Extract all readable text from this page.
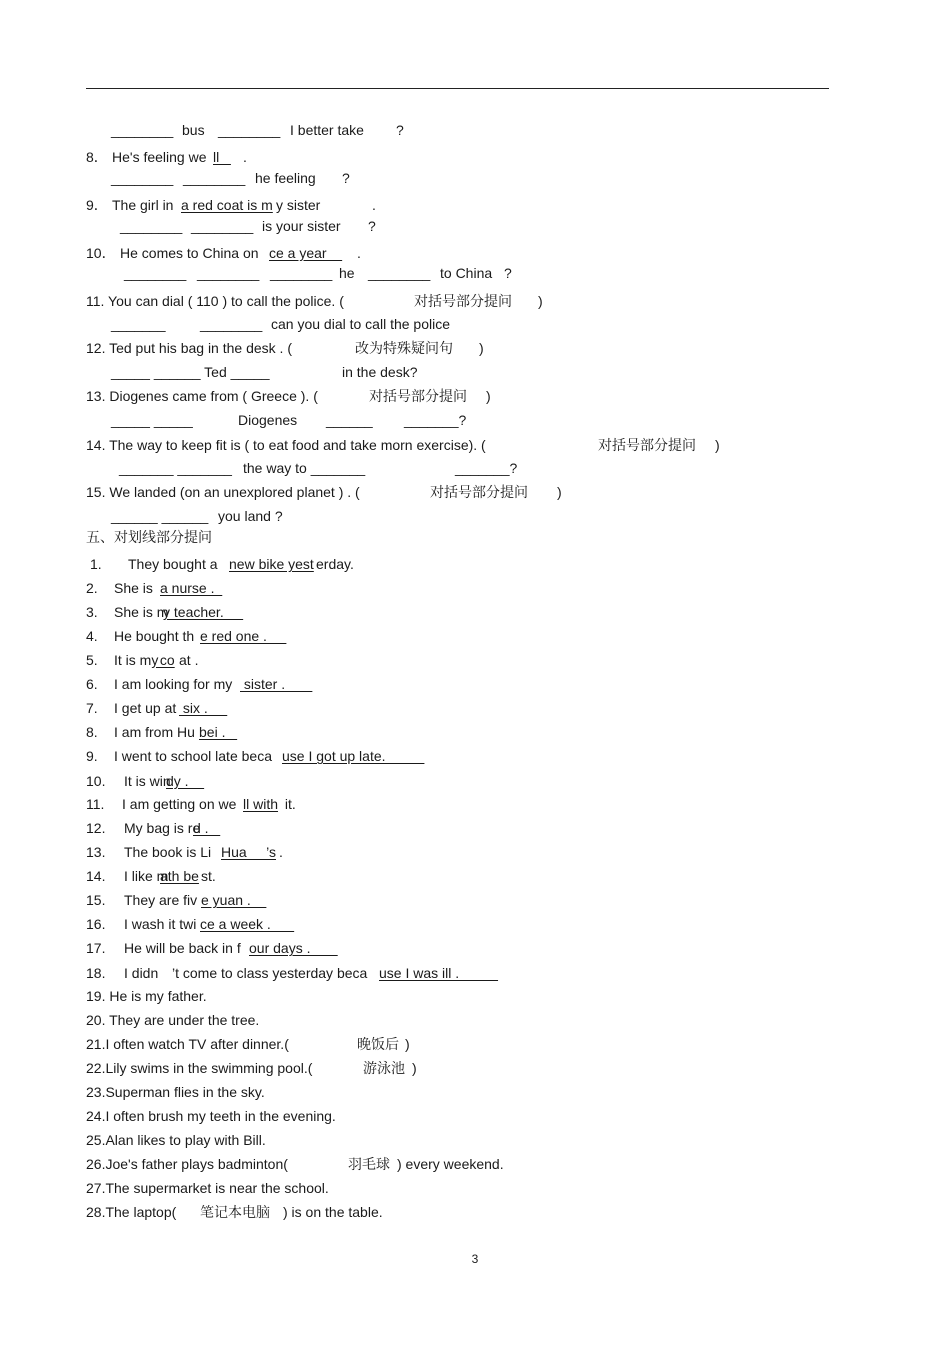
________ bus ________ I better take ?
8． He's feeling we ll .
________ ________ he feeling ?
9． The girl in a red coat is m y sister	.
________ ________ is your sister ?
10． He comes to China on ce a year .
________ ________ ________ he ________ to China ?
11. You can dial ( 110 ) to call the police. (	对括号部分提问 )
_______ ________ can you dial to call the police
12. Ted put his bag in the desk . (	改为特殊疑问句 )
_____ ______ Ted _____	in the desk?
13. Diogenes came from ( Greece ). (	对括号部分提问 )
_____ _____	Diogenes ______ _______?
14. The way to keep fit is ( to eat food and take morn exercise). (	对括号部分提问 )
_______ _______ the way to _______	_______?
15. We landed (on an unexplored planet ) . (	对括号部分提问 )
______ ______ you land ?
五、对划线部分提问
1. They bought a new bike yest erday.
2. She is a nurse .
3. She is m
y teacher.
4. He bought th e red one .
5. It is my
co at .
6. I am looking for my sister .
7. I get up at six .
8. I am from Hu bei .
9. I went to school late beca use I got up late.
10. It is win
dy .
11. I am getting on we ll with it.
12. My bag is re
d .
13. The book is Li Hua     ’s .
14. I like m
ath be st.
15. They are fiv e yuan .
16. I wash it twi ce a week .
17. He will be back in f our days .
18. I didn ’t come to class yesterday beca use I was ill .
19. He is my father.
20. They are under the tree.
21.I often watch TV after dinner.(	晚饭后 )
22.Lily swims in the swimming pool.(	游泳池 )
23.Superman flies in the sky.
24.I often brush my teeth in the evening.
25.Alan likes to play with Bill.
26.Joe's father plays badminton(	羽毛球 ) every weekend.
27.The supermarket is near the school.
28.The laptop( 笔记本电脑 ) is on the table.
3
